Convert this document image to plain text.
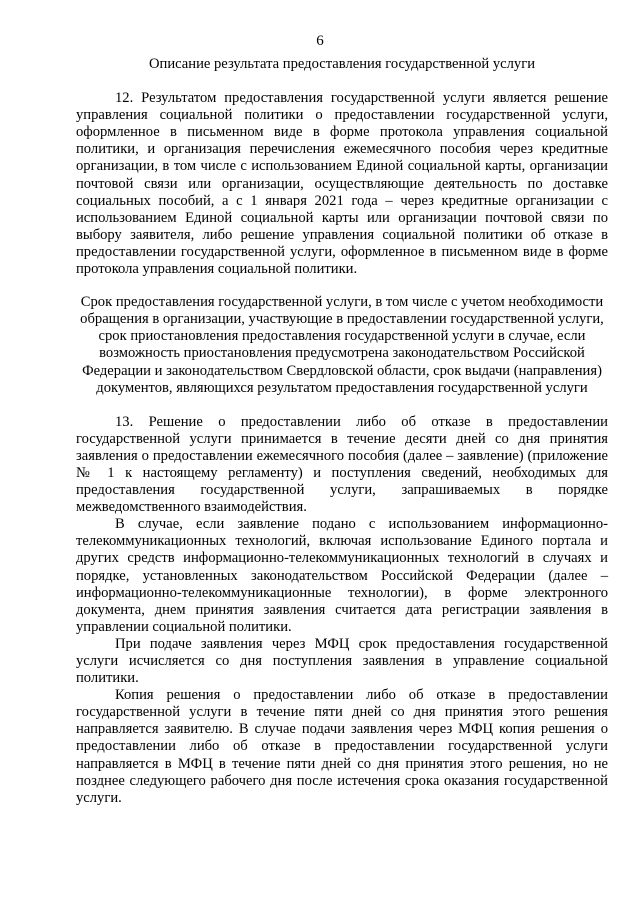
6

Описание результата предоставления государственной услуги

12. Результатом предоставления государственной услуги является решение управления социальной политики о предоставлении государственной услуги, оформленное в письменном виде в форме протокола управления социальной политики, и организация перечисления ежемесячного пособия через кредитные организации, в том числе с использованием Единой социальной карты, организации почтовой связи или организации, осуществляющие деятельность по доставке социальных пособий, а с 1 января 2021 года – через кредитные организации с использованием Единой социальной карты или организации почтовой связи по выбору заявителя, либо решение управления социальной политики об отказе в предоставлении государственной услуги, оформленное в письменном виде в форме протокола управления социальной политики.

Срок предоставления государственной услуги, в том числе с учетом необходимости обращения в организации, участвующие в предоставлении государственной услуги, срок приостановления предоставления государственной услуги в случае, если возможность приостановления предусмотрена законодательством Российской Федерации и законодательством Свердловской области, срок выдачи (направления) документов, являющихся результатом предоставления государственной услуги

13. Решение о предоставлении либо об отказе в предоставлении государственной услуги принимается в течение десяти дней со дня принятия заявления о предоставлении ежемесячного пособия (далее – заявление) (приложение № 1 к настоящему регламенту) и поступления сведений, необходимых для предоставления государственной услуги, запрашиваемых в порядке межведомственного взаимодействия.

В случае, если заявление подано с использованием информационно-телекоммуникационных технологий, включая использование Единого портала и других средств информационно-телекоммуникационных технологий в случаях и порядке, установленных законодательством Российской Федерации (далее – информационно-телекоммуникационные технологии), в форме электронного документа, днем принятия заявления считается дата регистрации заявления в управлении социальной политики.

При подаче заявления через МФЦ срок предоставления государственной услуги исчисляется со дня поступления заявления в управление социальной политики.

Копия решения о предоставлении либо об отказе в предоставлении государственной услуги в течение пяти дней со дня принятия этого решения направляется заявителю. В случае подачи заявления через МФЦ копия решения о предоставлении либо об отказе в предоставлении государственной услуги направляется в МФЦ в течение пяти дней со дня принятия этого решения, но не позднее следующего рабочего дня после истечения срока оказания государственной услуги.
